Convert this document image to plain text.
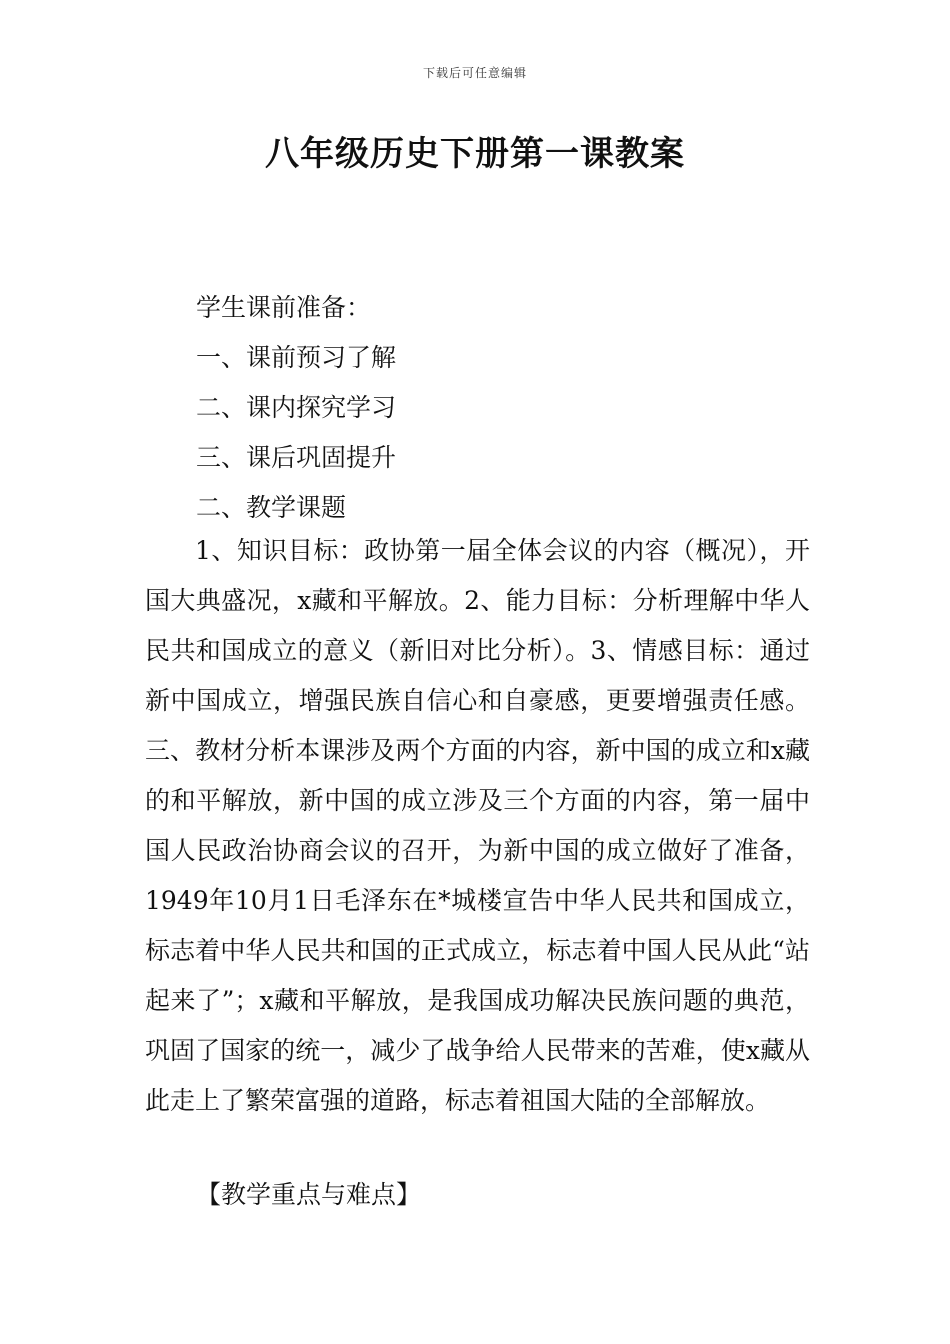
下载后可任意编辑
八年级历史下册第一课教案
学生课前准备：
一、课前预习了解
二、课内探究学习
三、课后巩固提升
二、教学课题

1、知识目标：政协第一届全体会议的内容（概况），开国大典盛况，x藏和平解放。2、能力目标：分析理解中华人民共和国成立的意义（新旧对比分析）。3、情感目标：通过新中国成立，增强民族自信心和自豪感，更要增强责任感。三、教材分析本课涉及两个方面的内容，新中国的成立和x藏的和平解放，新中国的成立涉及三个方面的内容，第一届中国人民政治协商会议的召开，为新中国的成立做好了准备，1949年10月1日毛泽东在*城楼宣告中华人民共和国成立，标志着中华人民共和国的正式成立，标志着中国人民从此“站起来了”；x藏和平解放，是我国成功解决民族问题的典范，巩固了国家的统一，减少了战争给人民带来的苦难，使x藏从此走上了繁荣富强的道路，标志着祖国大陆的全部解放。

【教学重点与难点】
